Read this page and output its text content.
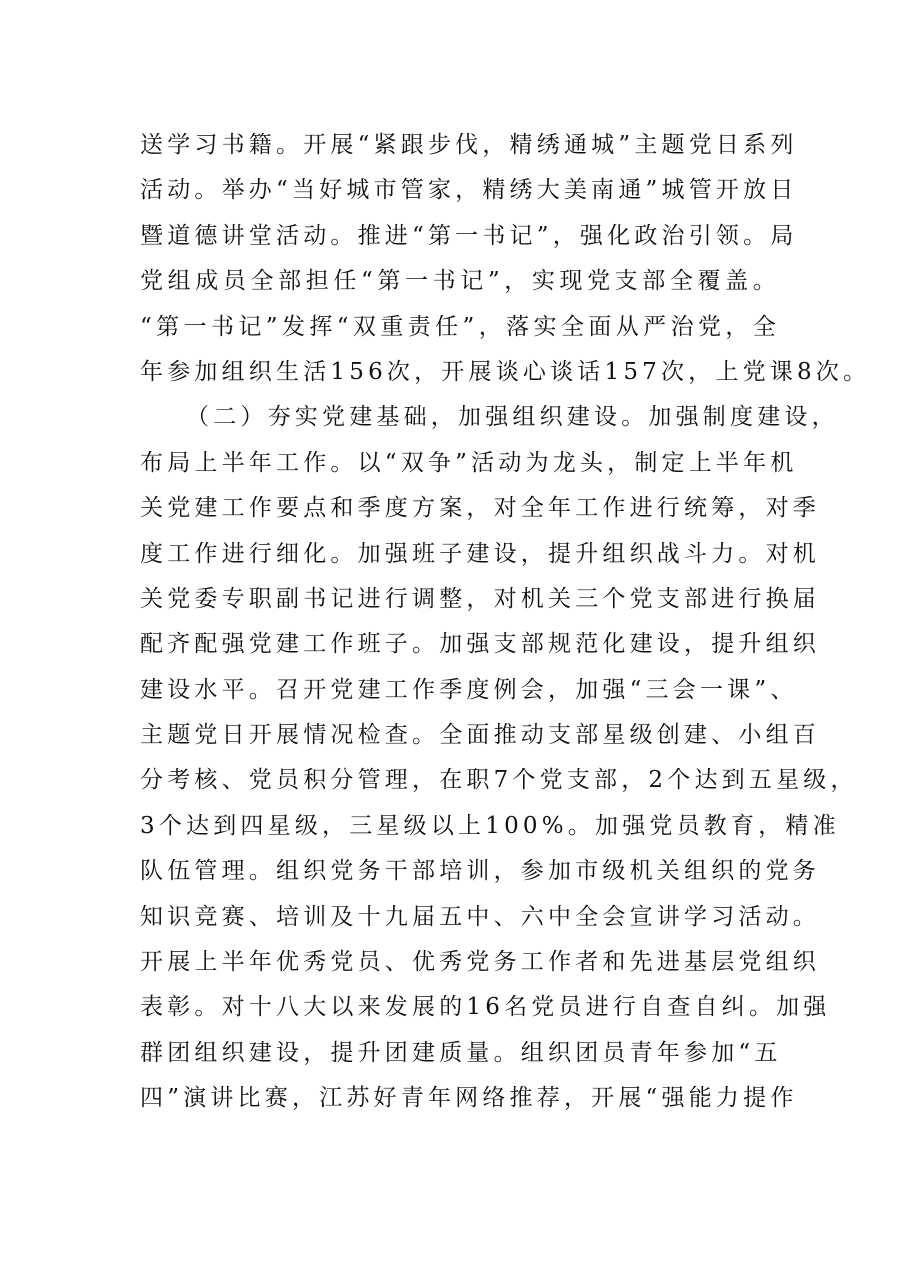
送学习书籍。开展“紧跟步伐，精绣通城”主题党日系列
活动。举办“当好城市管家，精绣大美南通”城管开放日
暨道德讲堂活动。推进“第一书记”，强化政治引领。局
党组成员全部担任“第一书记”，实现党支部全覆盖。
“第一书记”发挥“双重责任”，落实全面从严治党，全
年参加组织生活156次，开展谈心谈话157次，上党课8次。
（二）夯实党建基础，加强组织建设。加强制度建设，
布局上半年工作。以“双争”活动为龙头，制定上半年机
关党建工作要点和季度方案，对全年工作进行统筹，对季
度工作进行细化。加强班子建设，提升组织战斗力。对机
关党委专职副书记进行调整，对机关三个党支部进行换届
配齐配强党建工作班子。加强支部规范化建设，提升组织
建设水平。召开党建工作季度例会，加强“三会一课”、
主题党日开展情况检查。全面推动支部星级创建、小组百
分考核、党员积分管理，在职7个党支部，2个达到五星级，
3个达到四星级，三星级以上100%。加强党员教育，精准
队伍管理。组织党务干部培训，参加市级机关组织的党务
知识竞赛、培训及十九届五中、六中全会宣讲学习活动。
开展上半年优秀党员、优秀党务工作者和先进基层党组织
表彰。对十八大以来发展的16名党员进行自查自纠。加强
群团组织建设，提升团建质量。组织团员青年参加“五
四”演讲比赛，江苏好青年网络推荐，开展“强能力提作
